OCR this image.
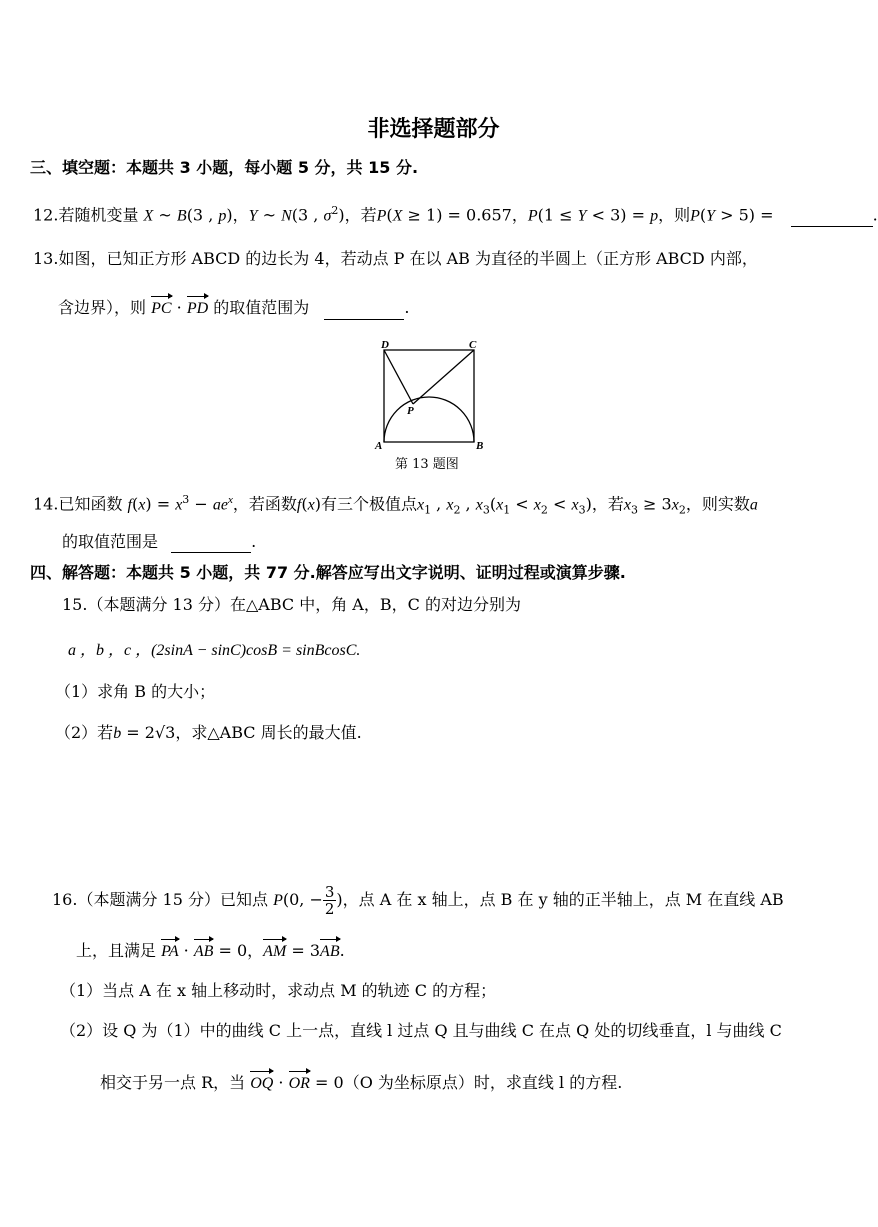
非选择题部分
三、填空题：本题共 3 小题，每小题 5 分，共 15 分.
12.若随机变量 X ~ B(3 , p)，Y ~ N(3 , $\sigma^2$)，若P(X ≥ 1) = 0.657，P(1 ≤ Y < 3) = p，则P(Y > 5) =	.
13.如图，已知正方形 ABCD 的边长为 4，若动点 P 在以 AB 为直径的半圆上（正方形 ABCD 内部，
含边界），则 PC · PD 的取值范围为	.
D	C
P
A	B
第 13 题图
14.已知函数 $f(x) = x^3 - ae^x$，若函数f(x)有三个极值点$x_1$ , $x_2$ , $x_3(x_1 < x_2 < x_3)$，若$x_3 \ge 3x_2$，则实数a
的取值范围是	.
四、解答题：本题共 5 小题，共 77 分.解答应写出文字说明、证明过程或演算步骤.
15.（本题满分 13 分）在△ABC 中，角 A，B，C 的对边分别为
a ，b ，c ，(2sinA − sinC)cosB = sinBcosC.
（1）求角 B 的大小；
（2）若b = 2√3，求△ABC 周长的最大值.
16.（本题满分 15 分）已知点 P(0, − $\frac{3}{2}$ )，点 A 在 x 轴上，点 B 在 y 轴的正半轴上，点 M 在直线 AB
上，且满足 PA · AB = 0，AM = 3AB.
（1）当点 A 在 x 轴上移动时，求动点 M 的轨迹 C 的方程；
（2）设 Q 为（1）中的曲线 C 上一点，直线 l 过点 Q 且与曲线 C 在点 Q 处的切线垂直，l 与曲线 C
相交于另一点 R，当 OQ · OR = 0（O 为坐标原点）时，求直线 l 的方程.
